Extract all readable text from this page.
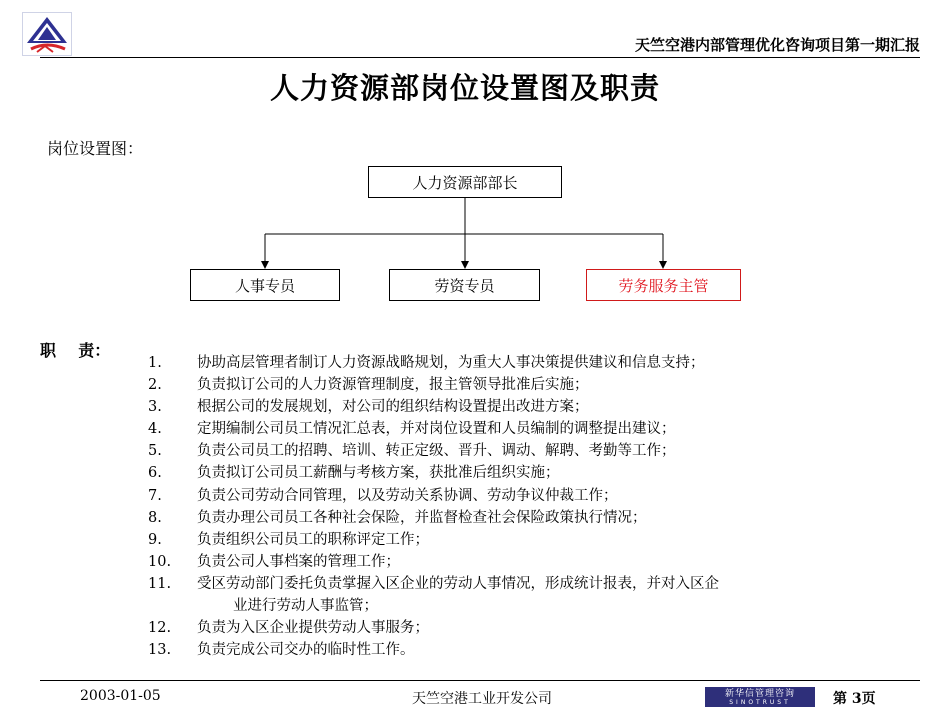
天竺空港内部管理优化咨询项目第一期汇报
人力资源部岗位设置图及职责
岗位设置图：
人力资源部部长
人事专员	劳资专员	劳务服务主管
职    责：
1.	协助高层管理者制订人力资源战略规划，为重大人事决策提供建议和信息支持；
2.	负责拟订公司的人力资源管理制度，报主管领导批准后实施；
3.	根据公司的发展规划，对公司的组织结构设置提出改进方案；
4.	定期编制公司员工情况汇总表，并对岗位设置和人员编制的调整提出建议；
5.	负责公司员工的招聘、培训、转正定级、晋升、调动、解聘、考勤等工作；
6.	负责拟订公司员工薪酬与考核方案，获批准后组织实施；
7.	负责公司劳动合同管理，以及劳动关系协调、劳动争议仲裁工作；
8.	负责办理公司员工各种社会保险，并监督检查社会保险政策执行情况；
9.	负责组织公司员工的职称评定工作；
10.	负责公司人事档案的管理工作；
11.	受区劳动部门委托负责掌握入区企业的劳动人事情况，形成统计报表，并对入区企
业进行劳动人事监管；
12.	负责为入区企业提供劳动人事服务；
13.	负责完成公司交办的临时性工作。
2003-01-05	天竺空港工业开发公司	新华信管理咨询
SINOTRUST	第 3页
